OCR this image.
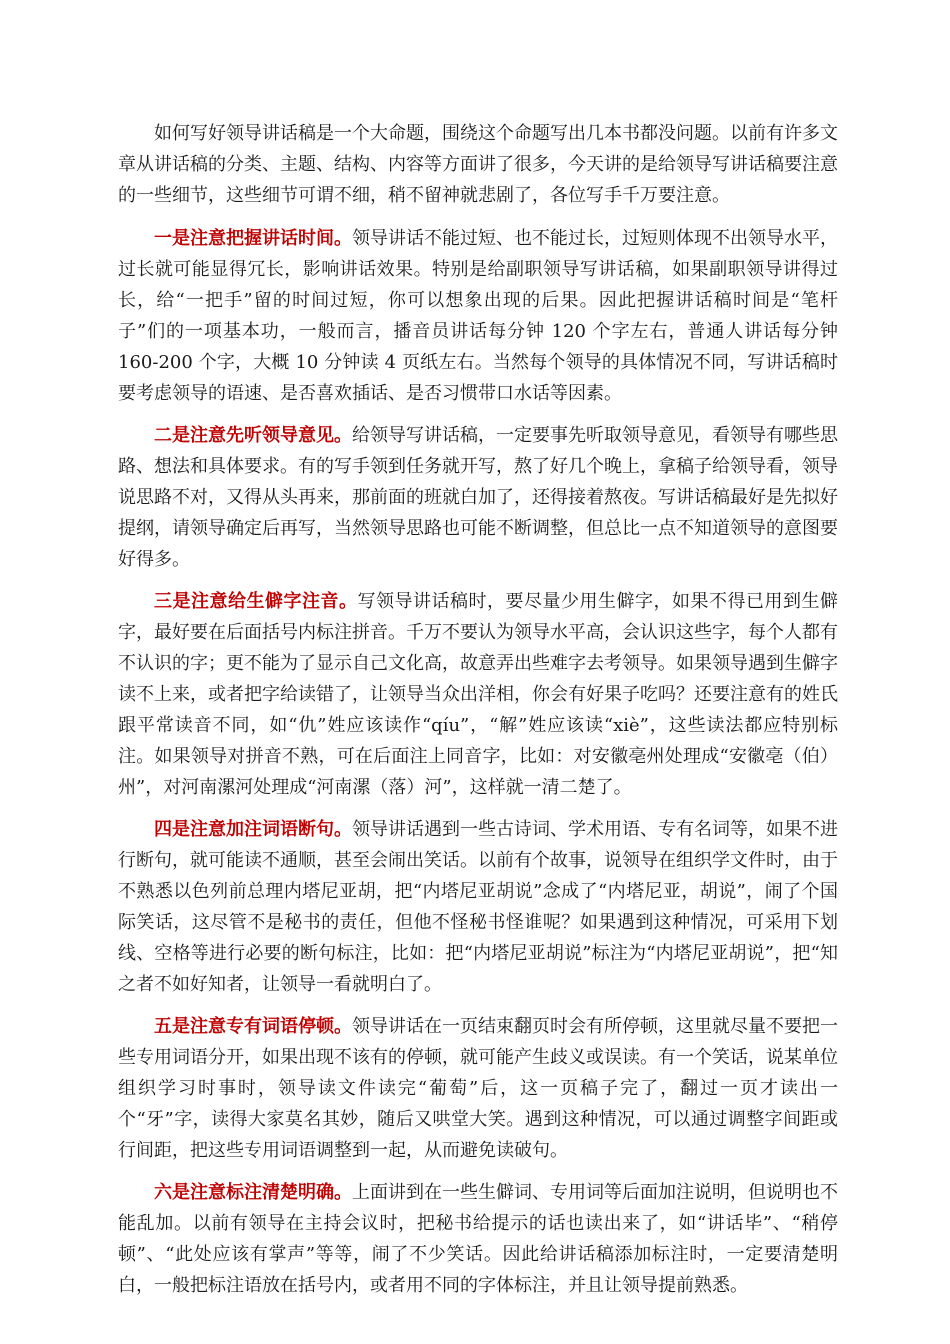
如何写好领导讲话稿是一个大命题，围绕这个命题写出几本书都没问题。以前有许多文章从讲话稿的分类、主题、结构、内容等方面讲了很多，今天讲的是给领导写讲话稿要注意的一些细节，这些细节可谓不细，稍不留神就悲剧了，各位写手千万要注意。

一是注意把握讲话时间。领导讲话不能过短、也不能过长，过短则体现不出领导水平，过长就可能显得冗长，影响讲话效果。特别是给副职领导写讲话稿，如果副职领导讲得过长，给“一把手”留的时间过短，你可以想象出现的后果。因此把握讲话稿时间是“笔杆子”们的一项基本功，一般而言，播音员讲话每分钟 120 个字左右，普通人讲话每分钟 160-200 个字，大概 10 分钟读 4 页纸左右。当然每个领导的具体情况不同，写讲话稿时要考虑领导的语速、是否喜欢插话、是否习惯带口水话等因素。

二是注意先听领导意见。给领导写讲话稿，一定要事先听取领导意见，看领导有哪些思路、想法和具体要求。有的写手领到任务就开写，熬了好几个晚上，拿稿子给领导看，领导说思路不对，又得从头再来，那前面的班就白加了，还得接着熬夜。写讲话稿最好是先拟好提纲，请领导确定后再写，当然领导思路也可能不断调整，但总比一点不知道领导的意图要好得多。

三是注意给生僻字注音。写领导讲话稿时，要尽量少用生僻字，如果不得已用到生僻字，最好要在后面括号内标注拼音。千万不要认为领导水平高，会认识这些字，每个人都有不认识的字；更不能为了显示自己文化高，故意弄出些难字去考领导。如果领导遇到生僻字读不上来，或者把字给读错了，让领导当众出洋相，你会有好果子吃吗？还要注意有的姓氏跟平常读音不同，如“仇”姓应该读作“qíu”，“解”姓应该读“xiè”，这些读法都应特别标注。如果领导对拼音不熟，可在后面注上同音字，比如：对安徽亳州处理成“安徽亳（伯）州”，对河南漯河处理成“河南漯（落）河”，这样就一清二楚了。

四是注意加注词语断句。领导讲话遇到一些古诗词、学术用语、专有名词等，如果不进行断句，就可能读不通顺，甚至会闹出笑话。以前有个故事，说领导在组织学文件时，由于不熟悉以色列前总理内塔尼亚胡，把“内塔尼亚胡说”念成了“内塔尼亚，胡说”，闹了个国际笑话，这尽管不是秘书的责任，但他不怪秘书怪谁呢？如果遇到这种情况，可采用下划线、空格等进行必要的断句标注，比如：把“内塔尼亚胡说”标注为“内塔尼亚胡说”，把“知之者不如好知者，让领导一看就明白了。

五是注意专有词语停顿。领导讲话在一页结束翻页时会有所停顿，这里就尽量不要把一些专用词语分开，如果出现不该有的停顿，就可能产生歧义或误读。有一个笑话，说某单位组织学习时事时，领导读文件读完“葡萄”后，这一页稿子完了，翻过一页才读出一个“牙”字，读得大家莫名其妙，随后又哄堂大笑。遇到这种情况，可以通过调整字间距或行间距，把这些专用词语调整到一起，从而避免读破句。

六是注意标注清楚明确。上面讲到在一些生僻词、专用词等后面加注说明，但说明也不能乱加。以前有领导在主持会议时，把秘书给提示的话也读出来了，如“讲话毕”、“稍停顿”、“此处应该有掌声”等等，闹了不少笑话。因此给讲话稿添加标注时，一定要清楚明白，一般把标注语放在括号内，或者用不同的字体标注，并且让领导提前熟悉。
